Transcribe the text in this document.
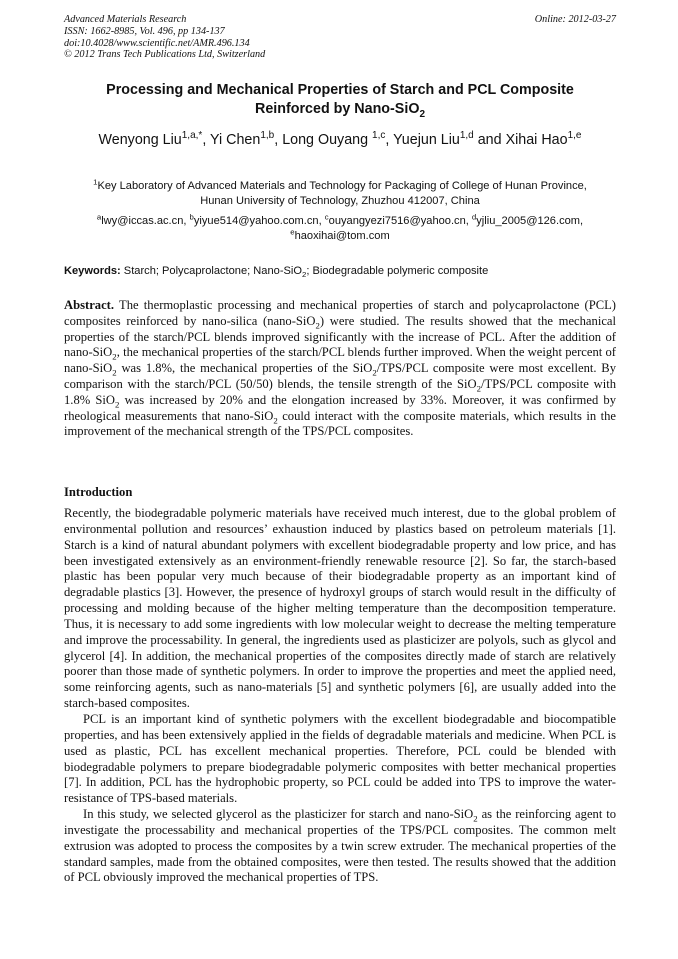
Advanced Materials Research
ISSN: 1662-8985, Vol. 496, pp 134-137
doi:10.4028/www.scientific.net/AMR.496.134
© 2012 Trans Tech Publications Ltd, Switzerland
Online: 2012-03-27
Processing and Mechanical Properties of Starch and PCL Composite
Reinforced by Nano-SiO$_2$
Wenyong Liu$^{1,a,*}$, Yi Chen$^{1,b}$, Long Ouyang $^{1,c}$, Yuejun Liu$^{1,d}$ and Xihai Hao$^{1,e}$
$^1$Key Laboratory of Advanced Materials and Technology for Packaging of College of Hunan Province,
Hunan University of Technology, Zhuzhou 412007, China
$^a$lwy@iccas.ac.cn, $^b$yiyue514@yahoo.com.cn, $^c$ouyangyezi7516@yahoo.cn, $^d$yjliu_2005@126.com,
$^e$haoxihai@tom.com
Keywords: Starch; Polycaprolactone; Nano-SiO$_2$; Biodegradable polymeric composite
Abstract. The thermoplastic processing and mechanical properties of starch and polycaprolactone (PCL) composites reinforced by nano-silica (nano-SiO$_2$) were studied. The results showed that the mechanical properties of the starch/PCL blends improved significantly with the increase of PCL. After the addition of nano-SiO$_2$, the mechanical properties of the starch/PCL blends further improved. When the weight percent of nano-SiO$_2$ was 1.8%, the mechanical properties of the SiO$_2$/TPS/PCL composite were most excellent. By comparison with the starch/PCL (50/50) blends, the tensile strength of the SiO$_2$/TPS/PCL composite with 1.8% SiO$_2$ was increased by 20% and the elongation increased by 33%. Moreover, it was confirmed by rheological measurements that nano-SiO$_2$ could interact with the composite materials, which results in the improvement of the mechanical strength of the TPS/PCL composites.
Introduction

Recently, the biodegradable polymeric materials have received much interest, due to the global problem of environmental pollution and resources’ exhaustion induced by plastics based on petroleum materials [1]. Starch is a kind of natural abundant polymers with excellent biodegradable property and low price, and has been investigated extensively as an environment-friendly renewable resource [2]. So far, the starch-based plastic has been popular very much because of their biodegradable property as an important kind of degradable plastics [3]. However, the presence of hydroxyl groups of starch would result in the difficulty of processing and molding because of the higher melting temperature than the decomposition temperature. Thus, it is necessary to add some ingredients with low molecular weight to decrease the melting temperature and improve the processability. In general, the ingredients used as plasticizer are polyols, such as glycol and glycerol [4]. In addition, the mechanical properties of the composites directly made of starch are relatively poorer than those made of synthetic polymers. In order to improve the properties and meet the applied need, some reinforcing agents, such as nano-materials [5] and synthetic polymers [6], are usually added into the starch-based composites.

PCL is an important kind of synthetic polymers with the excellent biodegradable and biocompatible properties, and has been extensively applied in the fields of degradable materials and medicine. When PCL is used as plastic, PCL has excellent mechanical properties. Therefore, PCL could be blended with biodegradable polymers to prepare biodegradable polymeric composites with better mechanical properties [7]. In addition, PCL has the hydrophobic property, so PCL could be added into TPS to improve the water-resistance of TPS-based materials.

In this study, we selected glycerol as the plasticizer for starch and nano-SiO$_2$ as the reinforcing agent to investigate the processability and mechanical properties of the TPS/PCL composites. The common melt extrusion was adopted to process the composites by a twin screw extruder. The mechanical properties of the standard samples, made from the obtained composites, were then tested. The results showed that the addition of PCL obviously improved the mechanical properties of TPS.
